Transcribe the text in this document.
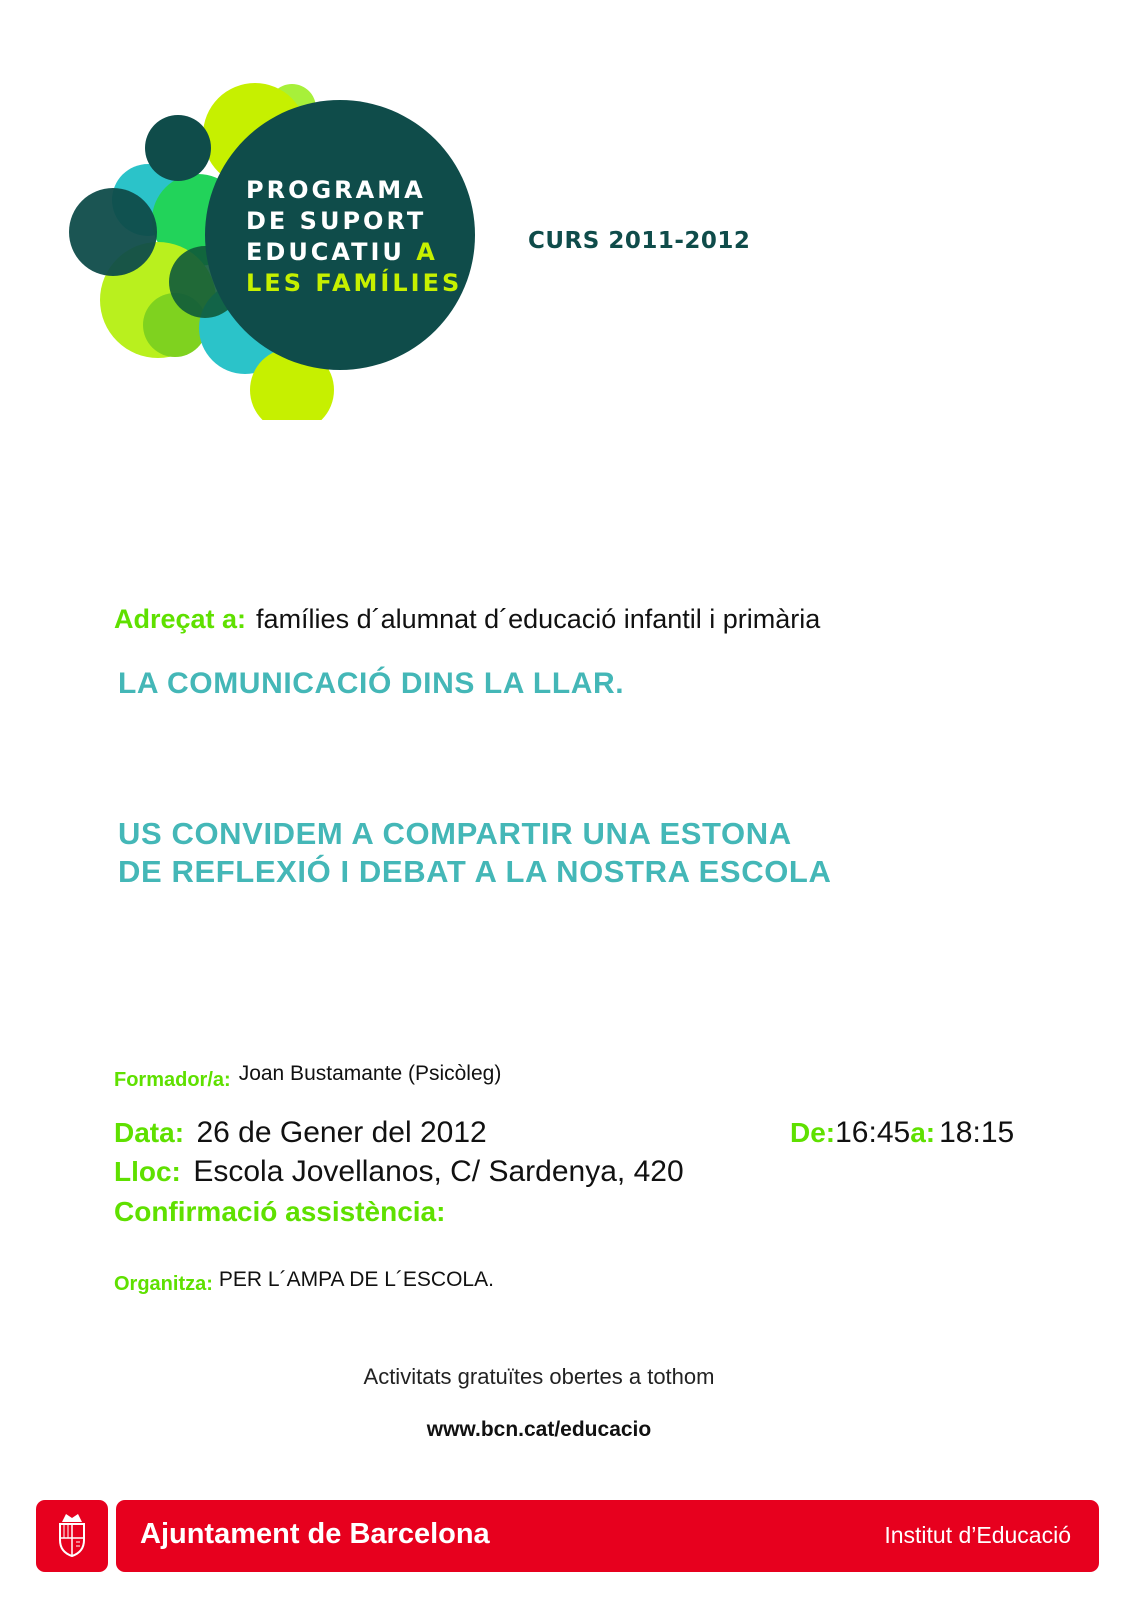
PROGRAMA
DE SUPORT
EDUCATIU A
LES FAMÍLIES
CURS 2011-2012
Adreçat a: famílies d´alumnat d´educació infantil i primària
LA COMUNICACIÓ DINS LA LLAR.
US CONVIDEM A COMPARTIR UNA ESTONA
DE REFLEXIÓ I DEBAT A LA NOSTRA ESCOLA
Formador/a: Joan Bustamante (Psicòleg)
Data: 26 de Gener del 2012	De:16:45a: 18:15
Lloc: Escola Jovellanos, C/ Sardenya, 420
Confirmació assistència:
Organitza: PER L´AMPA DE L´ESCOLA.
Activitats gratuïtes obertes a tothom
www.bcn.cat/educacio
Ajuntament de Barcelona	Institut d’Educació
